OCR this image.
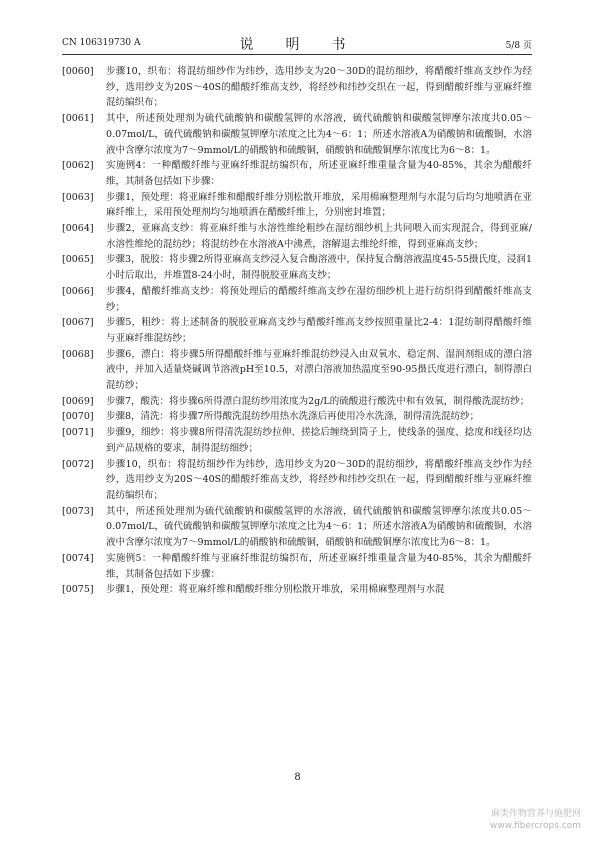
CN 106319730 A	说　明　书	5/8 页
[0060]	步骤10，织布：将混纺细纱作为纬纱，选用纱支为20～30D的混纺细纱，将醋酸纤维高支纱作为经纱，选用纱支为20S～40S的醋酸纤维高支纱，将经纱和纬纱交织在一起，得到醋酸纤维与亚麻纤维混纺编织布；
[0061]	其中，所述预处理剂为硫代硫酸钠和碳酸氢钾的水溶液，硫代硫酸钠和碳酸氢钾摩尔浓度共0.05～0.07mol/L，硫代硫酸钠和碳酸氢钾摩尔浓度之比为4～6：1；所述水溶液A为硝酸钠和硫酸铜，水溶液中含摩尔浓度为7～9mmol/L的硝酸钠和硫酸铜，硝酸钠和硫酸铜摩尔浓度比为6～8：1。
[0062]	实施例4：一种醋酸纤维与亚麻纤维混纺编织布，所述亚麻纤维重量含量为40-85%，其余为醋酸纤维，其制备包括如下步骤：
[0063]	步骤1，预处理：将亚麻纤维和醋酸纤维分别松散开堆放，采用棉麻整理剂与水混匀后均匀地喷洒在亚麻纤维上，采用预处理剂均匀地喷洒在醋酸纤维上，分别密封堆置；
[0064]	步骤2，亚麻高支纱：将亚麻纤维与水溶性维纶粗纱在湿纺细纱机上共同喂入而实现混合，得到亚麻/水溶性维纶的混纺纱；将混纺纱在水溶液A中沸煮，溶解退去维纶纤维，得到亚麻高支纱；
[0065]	步骤3，脱胶：将步骤2所得亚麻高支纱浸入复合酶溶液中，保持复合酶溶液温度45-55摄氏度，浸润1小时后取出，并堆置8-24小时，制得脱胶亚麻高支纱；
[0066]	步骤4，醋酸纤维高支纱：将预处理后的醋酸纤维高支纱在湿纺细纱机上进行纺织得到醋酸纤维高支纱；
[0067]	步骤5，粗纱：将上述制备的脱胶亚麻高支纱与醋酸纤维高支纱按照重量比2-4：1混纺制得醋酸纤维与亚麻纤维混纺纱；
[0068]	步骤6，漂白：将步骤5所得醋酸纤维与亚麻纤维混纺纱浸入由双氧水、稳定剂、湿润剂组成的漂白溶液中，并加入适量烧碱调节溶液pH至10.5，对漂白溶液加热温度至90-95摄氏度进行漂白，制得漂白混纺纱；
[0069]	步骤7，酸洗：将步骤6所得漂白混纺纱用浓度为2g/L的硫酸进行酸洗中和有效氧，制得酸洗混纺纱；
[0070]	步骤8，清洗：将步骤7所得酸洗混纺纱用热水洗涤后再使用冷水洗涤，制得清洗混纺纱；
[0071]	步骤9，细纱：将步骤8所得清洗混纺纱拉伸、搓捻后缠绕到筒子上，使线条的强度、捻度和线径均达到产品规格的要求，制得混纺细纱；
[0072]	步骤10，织布：将混纺细纱作为纬纱，选用纱支为20～30D的混纺细纱，将醋酸纤维高支纱作为经纱，选用纱支为20S～40S的醋酸纤维高支纱，将经纱和纬纱交织在一起，得到醋酸纤维与亚麻纤维混纺编织布；
[0073]	其中，所述预处理剂为硫代硫酸钠和碳酸氢钾的水溶液，硫代硫酸钠和碳酸氢钾摩尔浓度共0.05～0.07mol/L，硫代硫酸钠和碳酸氢钾摩尔浓度之比为4～6：1；所述水溶液A为硝酸钠和硫酸铜，水溶液中含摩尔浓度为7～9mmol/L的硝酸钠和硫酸铜，硝酸钠和硫酸铜摩尔浓度比为6～8：1。
[0074]	实施例5：一种醋酸纤维与亚麻纤维混纺编织布，所述亚麻纤维重量含量为40-85%，其余为醋酸纤维，其制备包括如下步骤：
[0075]	步骤1，预处理：将亚麻纤维和醋酸纤维分别松散开堆放，采用棉麻整理剂与水混
8
麻类作物营养与施肥网
www.fibercrops.com
